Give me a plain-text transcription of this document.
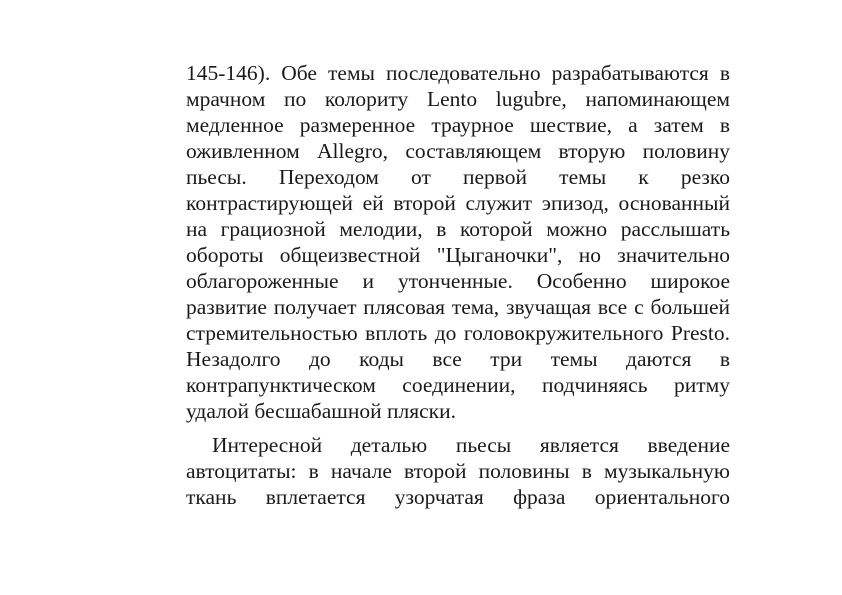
145-146). Обе темы последовательно разрабатываются в
мрачном по колориту Lento lugubre, напоминающем
медленное размеренное траурное шествие, а затем в
оживленном Allegro, составляющем вторую половину
пьесы. Переходом от первой темы к резко
контрастирующей ей второй служит эпизод, основанный
на грациозной мелодии, в которой можно расслышать
обороты общеизвестной "Цыганочки", но значительно
облагороженные и утонченные. Особенно широкое
развитие получает плясовая тема, звучащая все с большей
стремительностью вплоть до головокружительного Presto.
Незадолго до коды все три темы даются в
контрапунктическом соединении, подчиняясь ритму
удалой бесшабашной пляски.
Интересной деталью пьесы является введение
автоцитаты: в начале второй половины в музыкальную
ткань вплетается узорчатая фраза ориентального
